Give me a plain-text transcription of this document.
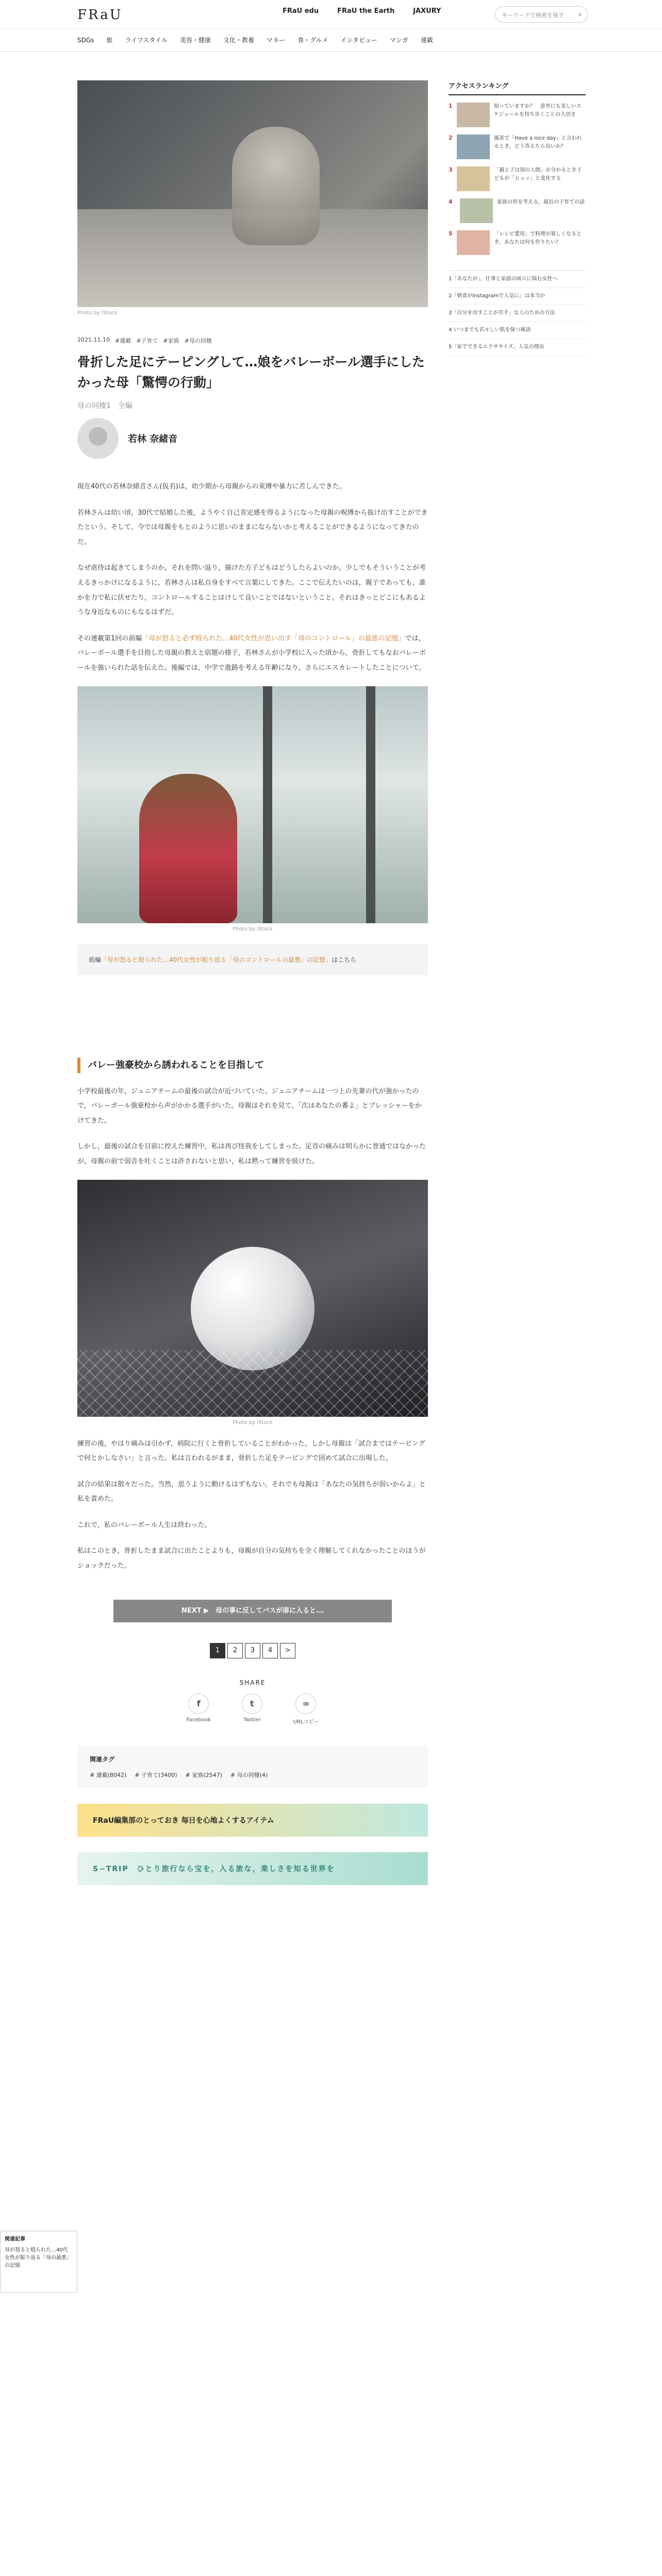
FRaU	FRaU edu	FRaU the Earth	JAXURY
キーワードで検索を探す ⌕
SDGs 旅 ライフスタイル 美容・健康 文化・教養 マネー 食・グルメ インタビュー マンガ 連載
Photo by iStock
2021.11.10 #連載 #子育て #家族 #母の同棲
骨折した足にテーピングして…娘をバレーボール選手にしたかった母「驚愕の行動」
母の同棲1　全編
若林 奈緒音

現在40代の若林奈緒音さん(仮名)は，幼少期から母親からの束縛や暴力に苦しんできた。

若林さんは幼い頃，30代で結婚した後，ようやく自己肯定感を得るようになった母親の呪縛から抜け出すことができたという。そして，今では母親をもとのように思いのままにならないかと考えることができるようになってきたのだ。

なぜ虐待は起きてしまうのか。それを問い返り，描けた方子どもはどうしたらよいのか。少しでもそういうことが考えるきっかけになるように，若林さんは私自身をすべて言葉にしてきた。ここで伝えたいのは，親子であっても，誰かを力で私に伏せたり，コントロールすることはけして良いことではないということ。それはきっとどこにもあるような身近なものにもなるはずだ。

その連載第1回の前編「母が怒ると必ず殴られた…40代女性が思い出す「母のコントロール」の最悪の記憶」では，バレーボール選手を目指した母親の教えと宿題の様子，若林さんが小学校に入った頃から，骨折してもなおバレーボールを強いられた話を伝えた。後編では，中学で進路を考える年齢になり，さらにエスカレートしたことについて。

Photo by iStock
前編「母が怒ると殴られた…40代女性が振り返る「母のコントロールの最悪」の記憶」はこちら
バレー強豪校から誘われることを目指して

小学校最後の年，ジュニアチームの最後の試合が近づいていた。ジュニアチームは一つ上の先輩の代が強かったので，バレーボール強豪校から声がかかる選手がいた。母親はそれを見て，「次はあなたの番よ」とプレッシャーをかけてきた。

しかし，最後の試合を目前に控えた練習中，私は再び怪我をしてしまった。足首の痛みは明らかに普通ではなかったが，母親の前で弱音を吐くことは許されないと思い，私は黙って練習を続けた。

Photo by iStock

練習の後，やはり痛みは引かず，病院に行くと骨折していることがわかった。しかし母親は「試合まではテーピングで何とかしなさい」と言った。私は言われるがまま，骨折した足をテーピングで固めて試合に出場した。

試合の結果は散々だった。当然，思うように動けるはずもない。それでも母親は「あなたの気持ちが弱いからよ」と私を責めた。

これで，私のバレーボール人生は終わった。

私はこのとき，骨折したまま試合に出たことよりも，母親が自分の気持ちを全く理解してくれなかったことのほうがショックだった。

NEXT ▶　母の事に反してバスが扉に入ると...
1	2	3	4	>
SHARE
f
Facebook
t
Twitter
∞
URLコピー
関連タグ
# 連載(8042) # 子育て(3400) # 家族(2547) # 母の同棲(4)
FRaU編集部のとっておき 毎日を心地よくするアイテム
S−TRIP　ひとり旅行なら宝を，入る旅な，楽しさを知る世界を
アクセスランキング
1	知っていますか？　意外にも美しいスケジュールを持ち歩くことの大切さ
2	風景で「Have a nice day」と言われるとき，どう答えたら良いか？
3	「親と子は別の人間」が分かるとき子どもが「ヒュッ」と変化する
4	家族の形を考える，最近の子育ての話
5	「レシピ愛用」で料理が楽しくなるとき，あなたは何を作りたい？
1「あなたが」，仕事と家庭の両立に悩む女性へ
2「朝食がInstagramで人気に」は本当か
3「自分を出すことが苦手」な人のための方法
4 いつまでも若々しい肌を保つ秘訣
5「家でできるエクササイズ」人気の理由
関連記事
母が怒ると殴られた…40代女性が振り返る「母の最悪」の記憶
